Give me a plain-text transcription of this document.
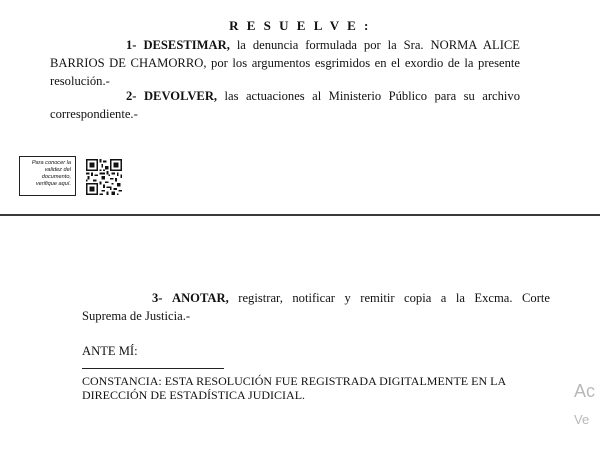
R E S U E L V E :
1- DESESTIMAR, la denuncia formulada por la Sra. NORMA ALICE
BARRIOS DE CHAMORRO, por los argumentos esgrimidos en el exordio de la presente
resolución.-
2- DEVOLVER, las actuaciones al Ministerio Público para su archivo
correspondiente.-
Para conocer la
validez del
documento,
verifique aquí.
3- ANOTAR, registrar, notificar y remitir copia a la Excma. Corte
Suprema de Justicia.-
ANTE MÍ:
CONSTANCIA: ESTA RESOLUCIÓN FUE REGISTRADA DIGITALMENTE EN LA
DIRECCIÓN DE ESTADÍSTICA JUDICIAL.	Ac
Ve
